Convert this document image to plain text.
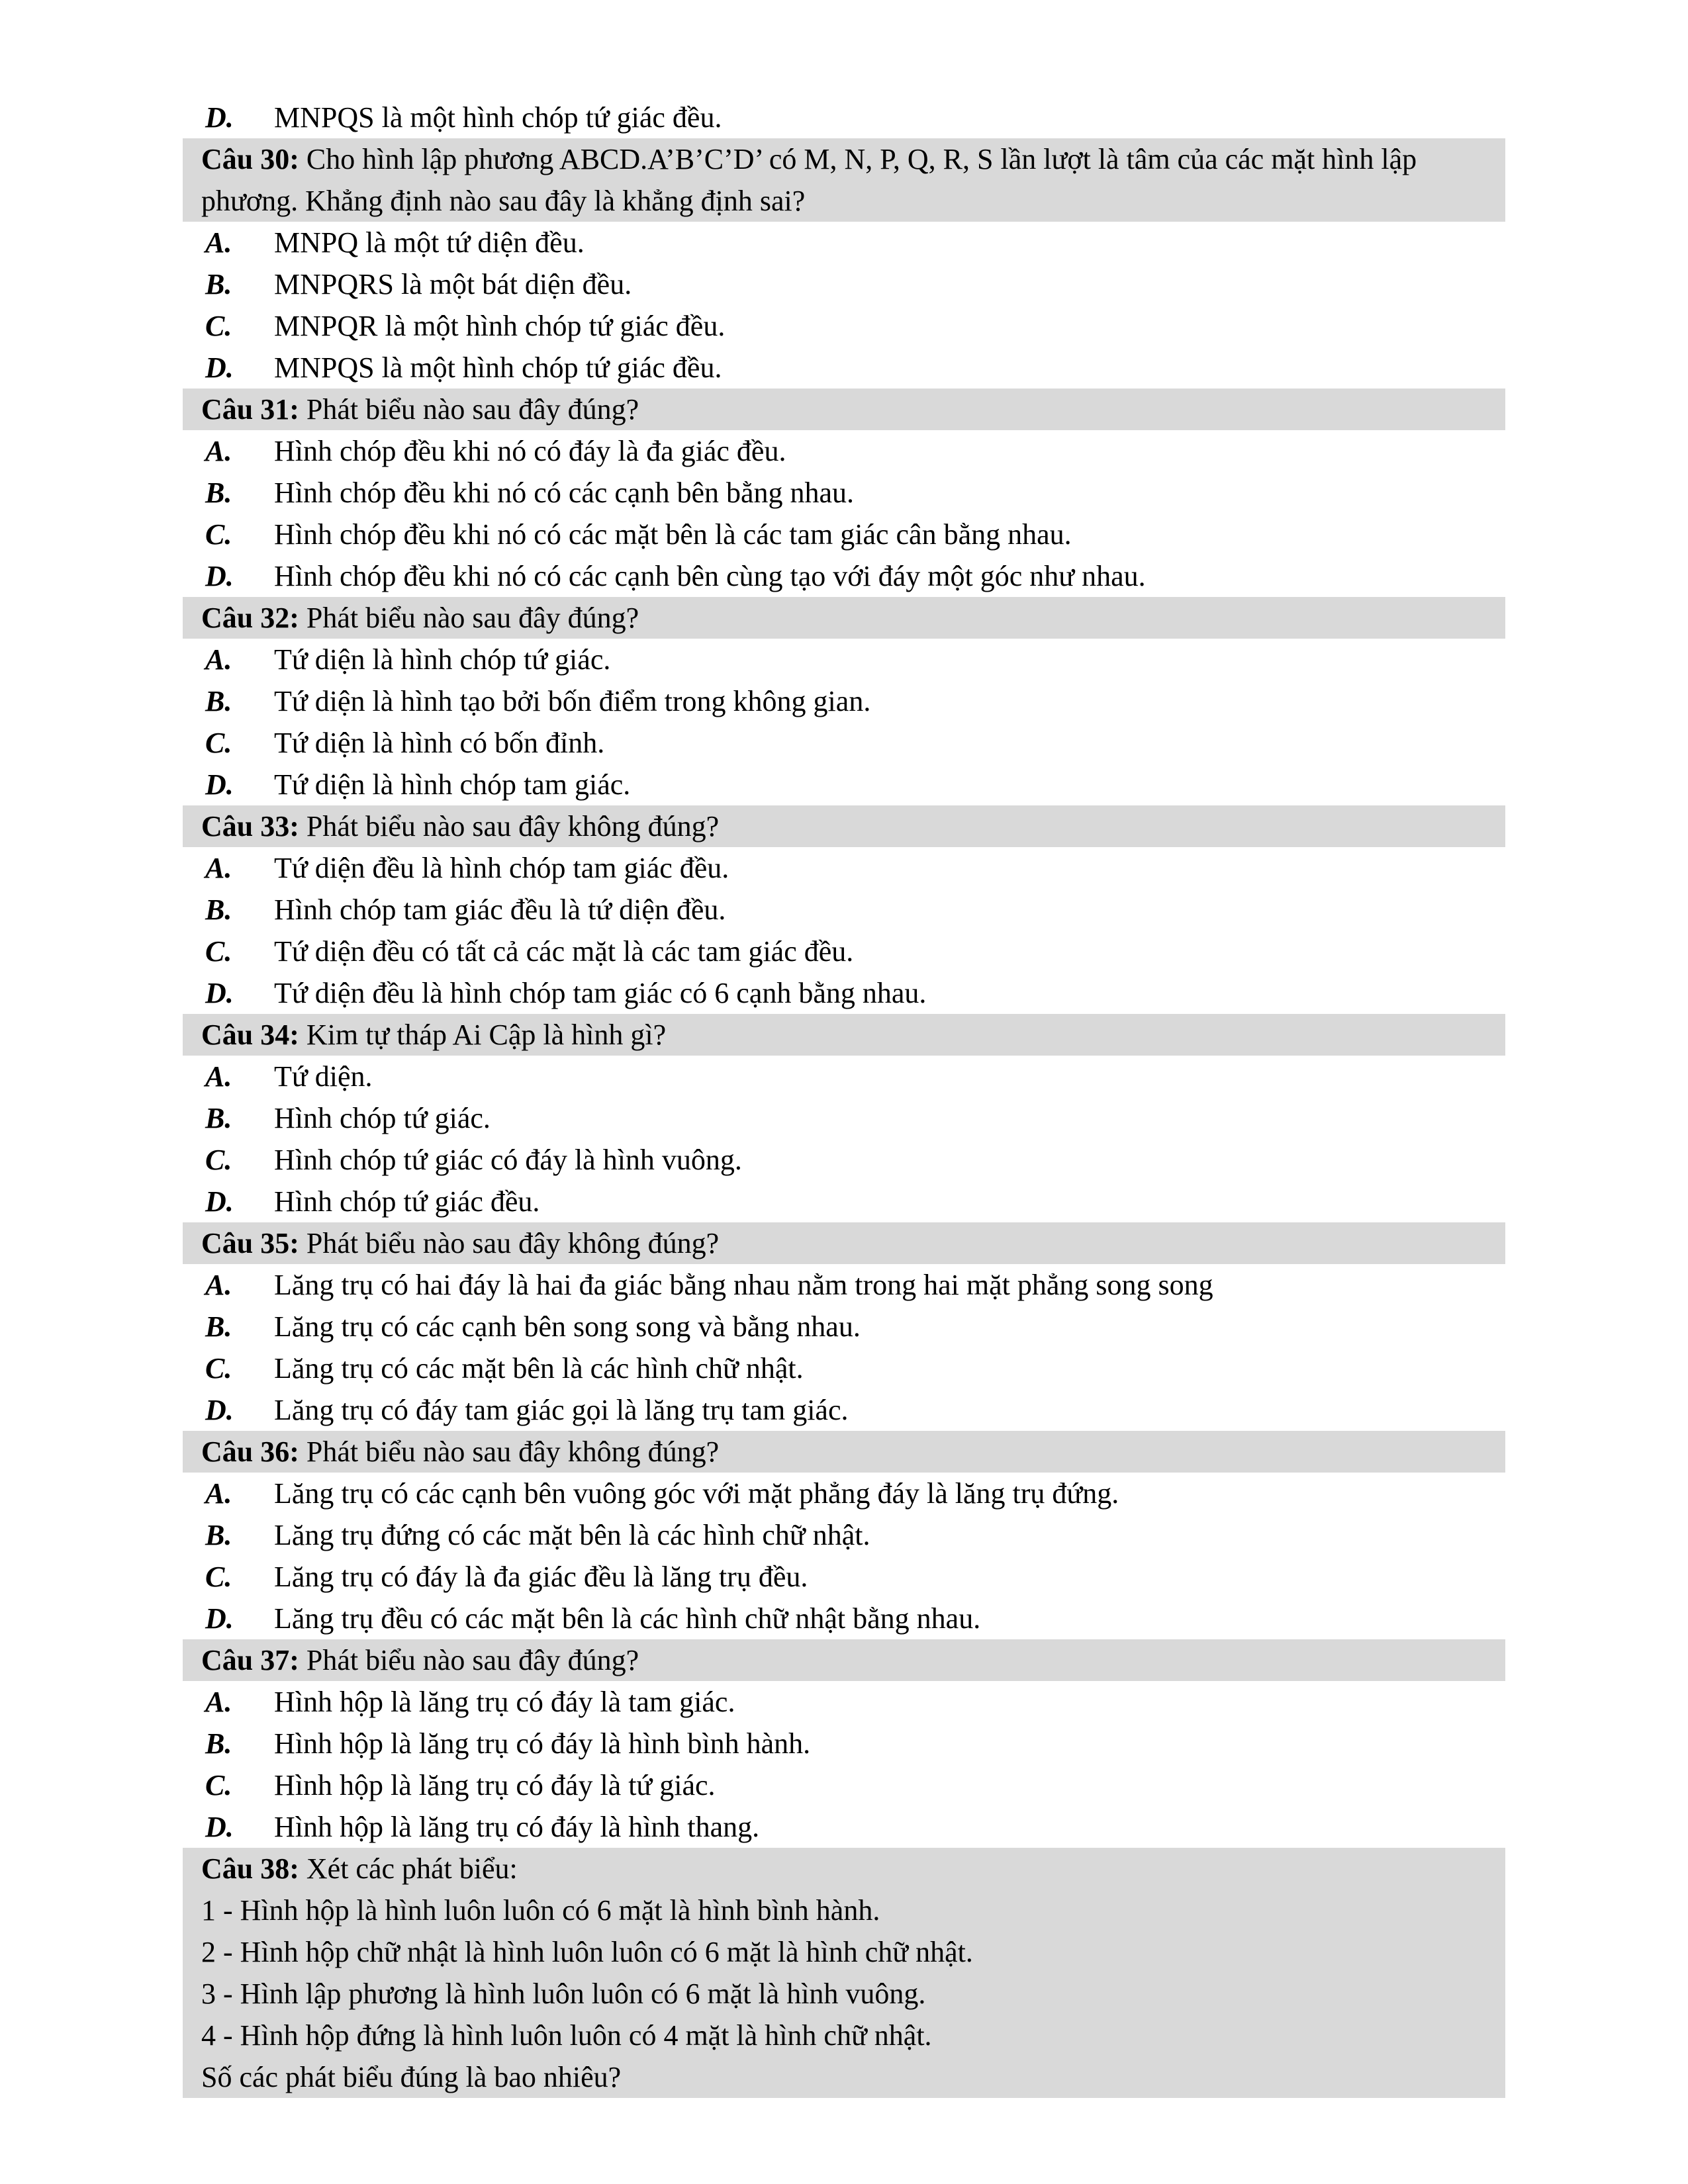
D. MNPQS là một hình chóp tứ giác đều.
Câu 30: Cho hình lập phương ABCD.A’B’C’D’ có M, N, P, Q, R, S lần lượt là tâm của các mặt hình lập phương. Khẳng định nào sau đây là khẳng định sai?
A. MNPQ là một tứ diện đều.
B. MNPQRS là một bát diện đều.
C. MNPQR là một hình chóp tứ giác đều.
D. MNPQS là một hình chóp tứ giác đều.
Câu 31: Phát biểu nào sau đây đúng?
A. Hình chóp đều khi nó có đáy là đa giác đều.
B. Hình chóp đều khi nó có các cạnh bên bằng nhau.
C. Hình chóp đều khi nó có các mặt bên là các tam giác cân bằng nhau.
D. Hình chóp đều khi nó có các cạnh bên cùng tạo với đáy một góc như nhau.
Câu 32: Phát biểu nào sau đây đúng?
A. Tứ diện là hình chóp tứ giác.
B. Tứ diện là hình tạo bởi bốn điểm trong không gian.
C. Tứ diện là hình có bốn đỉnh.
D. Tứ diện là hình chóp tam giác.
Câu 33: Phát biểu nào sau đây không đúng?
A. Tứ diện đều là hình chóp tam giác đều.
B. Hình chóp tam giác đều là tứ diện đều.
C. Tứ diện đều có tất cả các mặt là các tam giác đều.
D. Tứ diện đều là hình chóp tam giác có 6 cạnh bằng nhau.
Câu 34: Kim tự tháp Ai Cập là hình gì?
A. Tứ diện.
B. Hình chóp tứ giác.
C. Hình chóp tứ giác có đáy là hình vuông.
D. Hình chóp tứ giác đều.
Câu 35: Phát biểu nào sau đây không đúng?
A. Lăng trụ có hai đáy là hai đa giác bằng nhau nằm trong hai mặt phẳng song song
B. Lăng trụ có các cạnh bên song song và bằng nhau.
C. Lăng trụ có các mặt bên là các hình chữ nhật.
D. Lăng trụ có đáy tam giác gọi là lăng trụ tam giác.
Câu 36: Phát biểu nào sau đây không đúng?
A. Lăng trụ có các cạnh bên vuông góc với mặt phẳng đáy là lăng trụ đứng.
B. Lăng trụ đứng có các mặt bên là các hình chữ nhật.
C. Lăng trụ có đáy là đa giác đều là lăng trụ đều.
D. Lăng trụ đều có các mặt bên là các hình chữ nhật bằng nhau.
Câu 37: Phát biểu nào sau đây đúng?
A. Hình hộp là lăng trụ có đáy là tam giác.
B. Hình hộp là lăng trụ có đáy là hình bình hành.
C. Hình hộp là lăng trụ có đáy là tứ giác.
D. Hình hộp là lăng trụ có đáy là hình thang.
Câu 38: Xét các phát biểu:
1 - Hình hộp là hình luôn luôn có 6 mặt là hình bình hành.
2 - Hình hộp chữ nhật là hình luôn luôn có 6 mặt là hình chữ nhật.
3 - Hình lập phương là hình luôn luôn có 6 mặt là hình vuông.
4 - Hình hộp đứng là hình luôn luôn có 4 mặt là hình chữ nhật.
Số các phát biểu đúng là bao nhiêu?
